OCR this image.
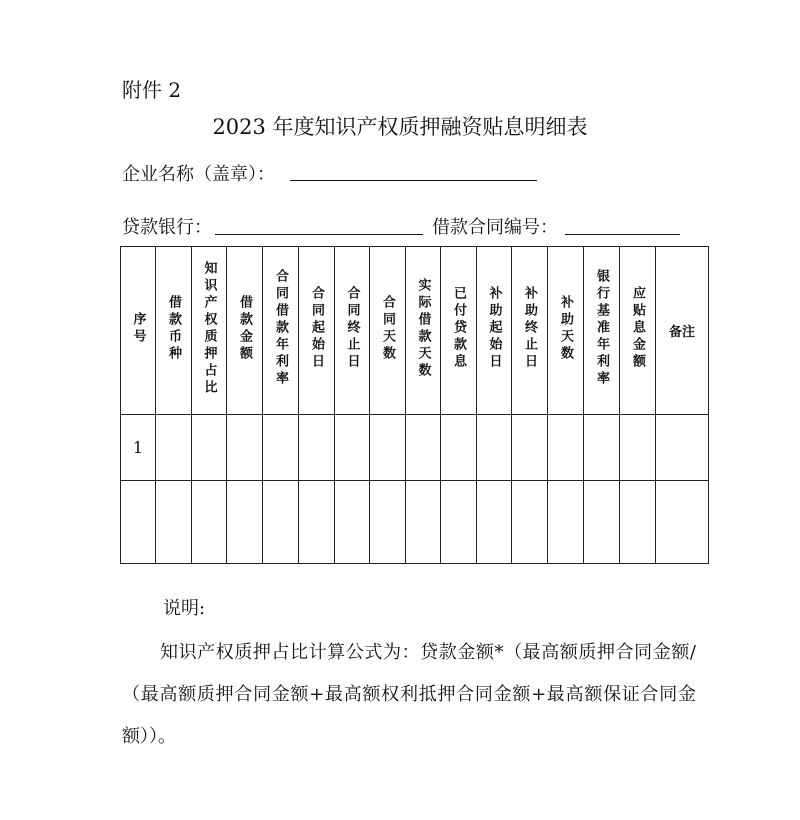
附件 2
2023 年度知识产权质押融资贴息明细表
企业名称（盖章）：
贷款银行：	借款合同编号：
序号	借款币种	知识产权质押占比	借款金额	合同借款年利率	合同起始日	合同终止日	合同天数	实际借款天数	已付贷款息	补助起始日	补助终止日	补助天数	银行基准年利率	应贴息金额	备注
1															

说明:
知识产权质押占比计算公式为：贷款金额*（最高额质押合同金额/（最高额质押合同金额+最高额权利抵押合同金额+最高额保证合同金额））。
